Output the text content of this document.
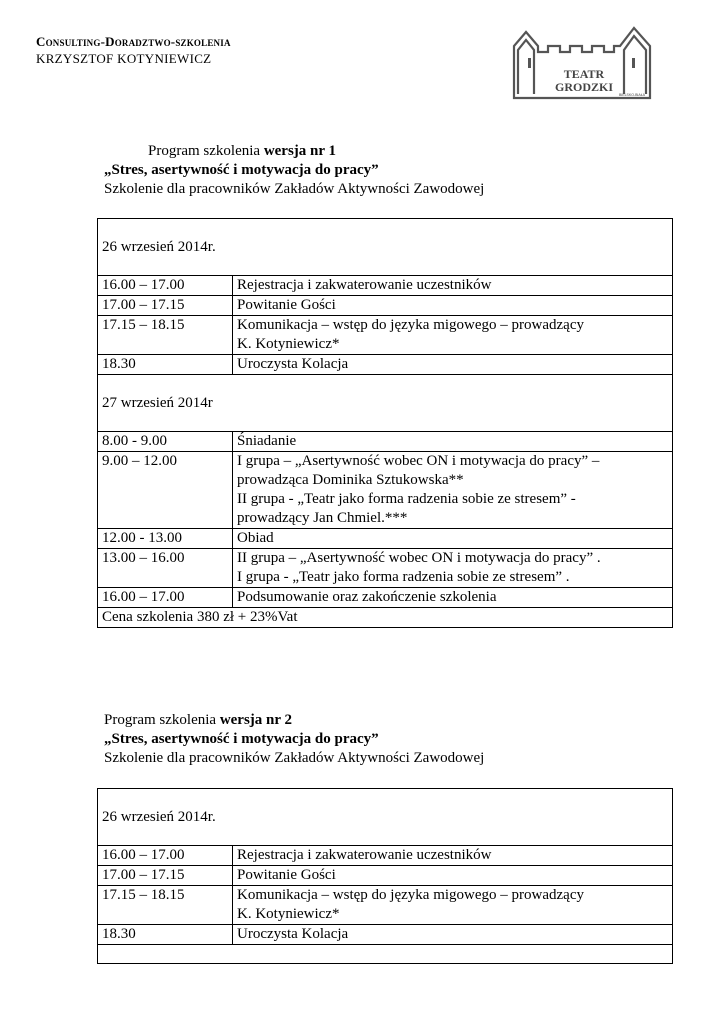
Consulting-Doradztwo-szkolenia
KRZYSZTOF KOTYNIEWICZ
TEATR
GRODZKI
BIELSKO-BIAŁA
Program szkolenia wersja nr 1
„Stres, asertywność i motywacja do pracy”
Szkolenie dla pracowników Zakładów Aktywności Zawodowej
26 wrzesień 2014r.	
16.00 – 17.00	Rejestracja i zakwaterowanie uczestników
17.00 – 17.15	Powitanie Gości
17.15 – 18.15	Komunikacja – wstęp do języka migowego – prowadzący
K. Kotyniewicz*
18.30	Uroczysta Kolacja
27 wrzesień 2014r	
8.00 - 9.00	Śniadanie
9.00 – 12.00	I grupa – „Asertywność wobec ON i motywacja do pracy” –
prowadząca Dominika Sztukowska**
II grupa - „Teatr jako forma radzenia sobie ze stresem” -
prowadzący Jan Chmiel.***
12.00 - 13.00	Obiad
13.00 – 16.00	II grupa – „Asertywność wobec ON i motywacja do pracy” .
I grupa - „Teatr jako forma radzenia sobie ze stresem” .
16.00 – 17.00	Podsumowanie oraz zakończenie szkolenia
Cena szkolenia 380 zł + 23%Vat	
Program szkolenia wersja nr 2
„Stres, asertywność i motywacja do pracy”
Szkolenie dla pracowników Zakładów Aktywności Zawodowej
26 wrzesień 2014r.	
16.00 – 17.00	Rejestracja i zakwaterowanie uczestników
17.00 – 17.15	Powitanie Gości
17.15 – 18.15	Komunikacja – wstęp do języka migowego – prowadzący
K. Kotyniewicz*
18.30	Uroczysta Kolacja
